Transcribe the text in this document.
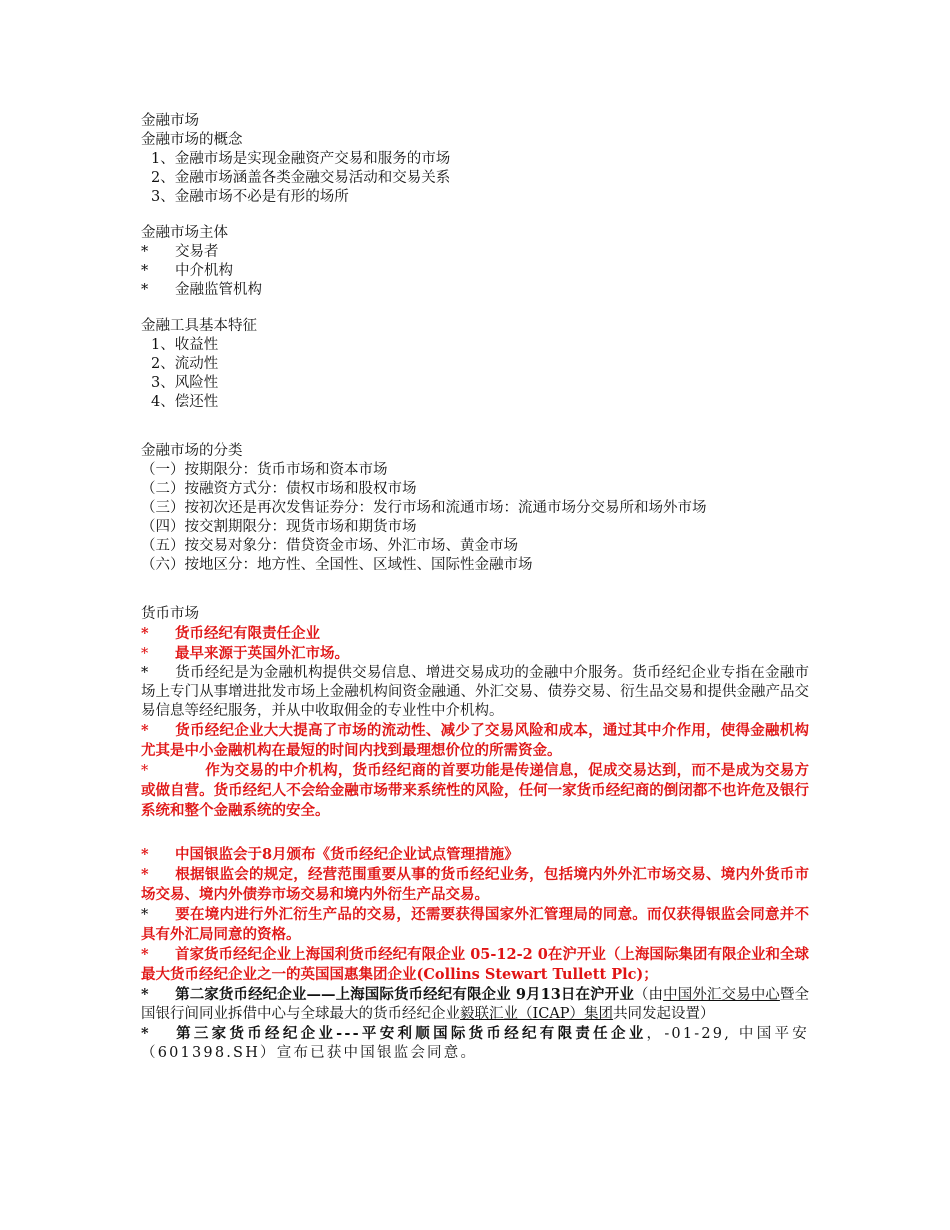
金融市场
金融市场的概念
1、金融市场是实现金融资产交易和服务的市场
2、金融市场涵盖各类金融交易活动和交易关系
3、金融市场不必是有形的场所
金融市场主体
*	交易者
*	中介机构
*	金融监管机构
金融工具基本特征
1、收益性
2、流动性
3、风险性
4、偿还性
金融市场的分类
（一）按期限分：货币市场和资本市场
（二）按融资方式分：债权市场和股权市场
（三）按初次还是再次发售证券分：发行市场和流通市场：流通市场分交易所和场外市场
（四）按交割期限分：现货市场和期货市场
（五）按交易对象分：借贷资金市场、外汇市场、黄金市场
（六）按地区分：地方性、全国性、区域性、国际性金融市场
货币市场

* 货币经纪有限责任企业

* 最早来源于英国外汇市场。

* 货币经纪是为金融机构提供交易信息、增进交易成功的金融中介服务。货币经纪企业专指在金融市场上专门从事增进批发市场上金融机构间资金融通、外汇交易、债券交易、衍生品交易和提供金融产品交易信息等经纪服务，并从中收取佣金的专业性中介机构。

* 货币经纪企业大大提高了市场的流动性、减少了交易风险和成本，通过其中介作用，使得金融机构尤其是中小金融机构在最短的时间内找到最理想价位的所需资金。

*	作为交易的中介机构，货币经纪商的首要功能是传递信息，促成交易达到，而不是成为交易方或做自营。货币经纪人不会给金融市场带来系统性的风险，任何一家货币经纪商的倒闭都不也许危及银行系统和整个金融系统的安全。

* 中国银监会于8月颁布《货币经纪企业试点管理措施》

* 根据银监会的规定，经营范围重要从事的货币经纪业务，包括境内外外汇市场交易、境内外货币市场交易、境内外债券市场交易和境内外衍生产品交易。

* 要在境内进行外汇衍生产品的交易，还需要获得国家外汇管理局的同意。而仅获得银监会同意并不具有外汇局同意的资格。

* 首家货币经纪企业上海国利货币经纪有限企业 05-12-2 0在沪开业（上海国际集团有限企业和全球最大货币经纪企业之一的英国国惠集团企业(Collins Stewart Tullett Plc)；

* 第二家货币经纪企业——上海国际货币经纪有限企业 9月13日在沪开业（由中国外汇交易中心暨全国银行间同业拆借中心与全球最大的货币经纪企业毅联汇业（ICAP）集团共同发起设置）

* 第三家货币经纪企业---平安利顺国际货币经纪有限责任企业，-01-29, 中国平安（601398.SH）宣布已获中国银监会同意。
